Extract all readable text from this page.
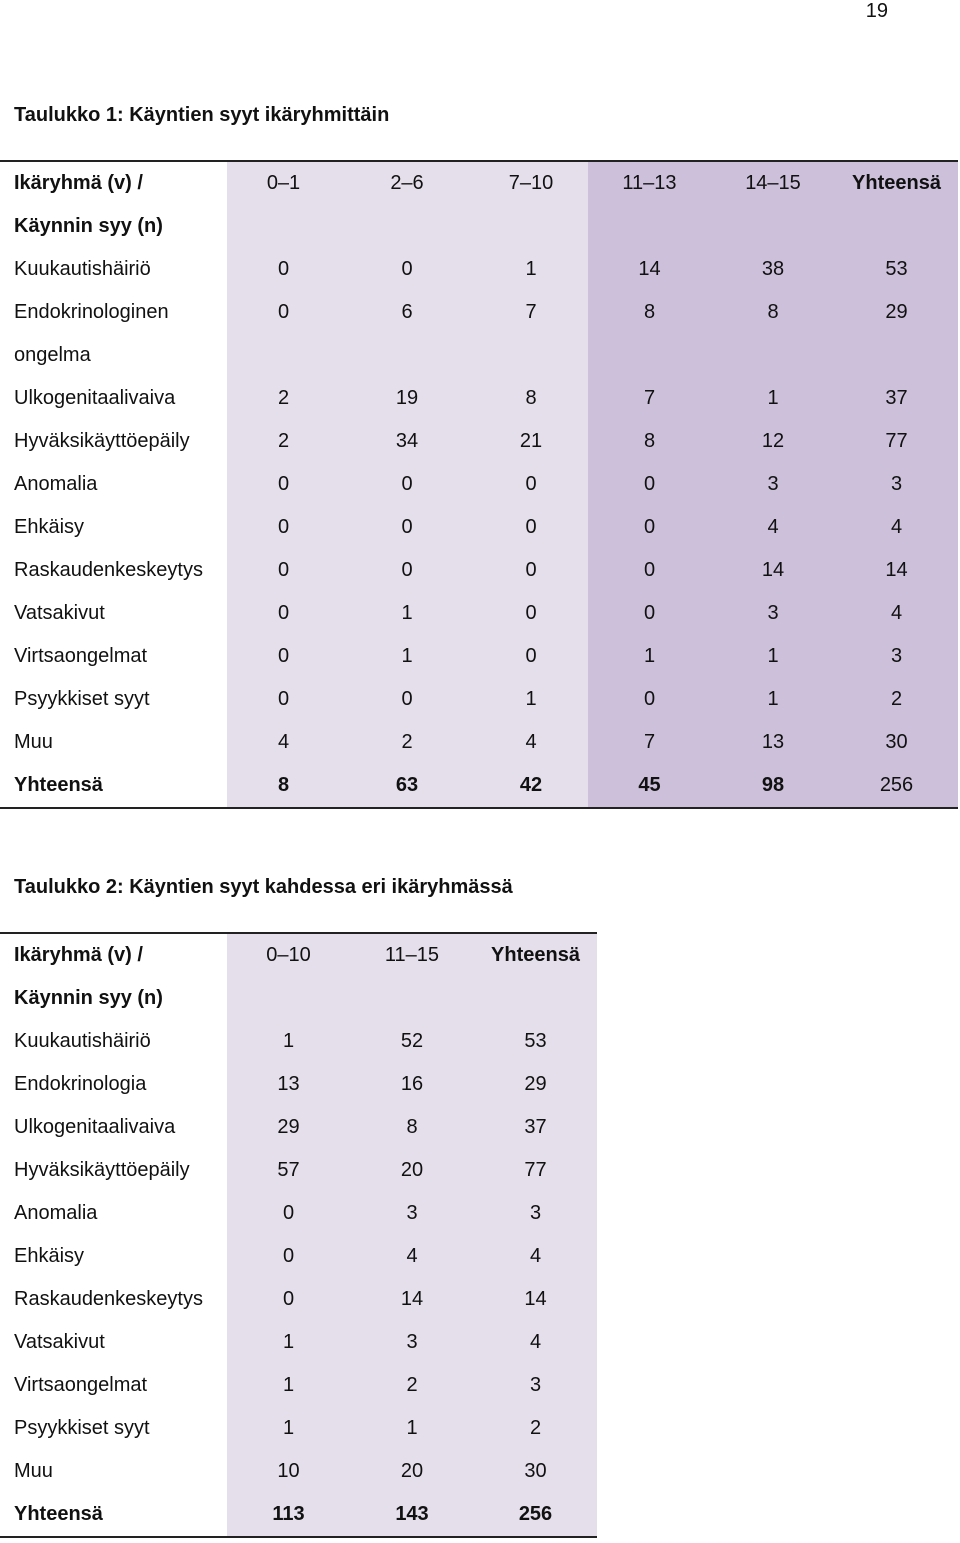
19
Taulukko 1: Käyntien syyt ikäryhmittäin
Ikäryhmä (v) /	0–1	2–6	7–10	11–13	14–15	Yhteensä
Käynnin syy (n)						
Kuukautishäiriö	0	0	1	14	38	53
Endokrinologinen	0	6	7	8	8	29
ongelma						
Ulkogenitaalivaiva	2	19	8	7	1	37
Hyväksikäyttöepäily	2	34	21	8	12	77
Anomalia	0	0	0	0	3	3
Ehkäisy	0	0	0	0	4	4
Raskaudenkeskeytys	0	0	0	0	14	14
Vatsakivut	0	1	0	0	3	4
Virtsaongelmat	0	1	0	1	1	3
Psyykkiset syyt	0	0	1	0	1	2
Muu	4	2	4	7	13	30
Yhteensä	8	63	42	45	98	256
Taulukko 2: Käyntien syyt kahdessa eri ikäryhmässä
Ikäryhmä (v) /	0–10	11–15	Yhteensä
Käynnin syy (n)			
Kuukautishäiriö	1	52	53
Endokrinologia	13	16	29
Ulkogenitaalivaiva	29	8	37
Hyväksikäyttöepäily	57	20	77
Anomalia	0	3	3
Ehkäisy	0	4	4
Raskaudenkeskeytys	0	14	14
Vatsakivut	1	3	4
Virtsaongelmat	1	2	3
Psyykkiset syyt	1	1	2
Muu	10	20	30
Yhteensä	113	143	256
